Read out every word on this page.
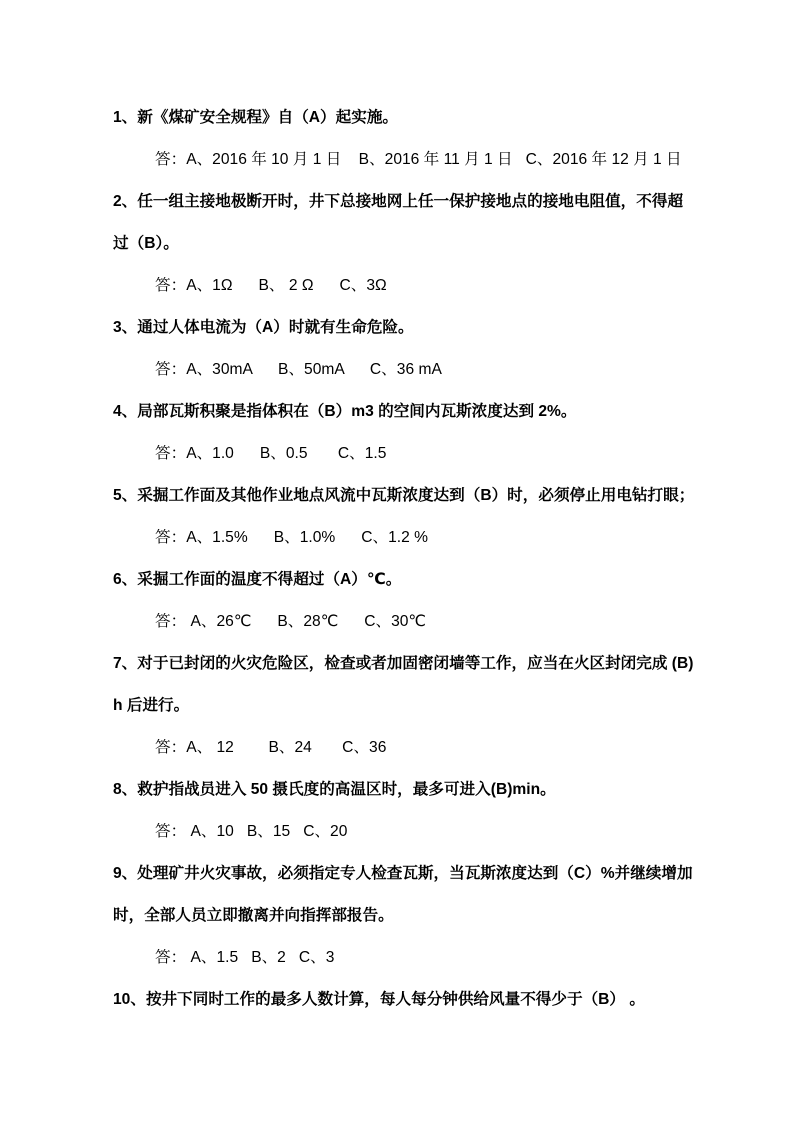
1、新《煤矿安全规程》自（A）起实施。
答：A、2016 年 10 月 1 日    B、2016 年 11 月 1 日   C、2016 年 12 月 1 日
2、任一组主接地极断开时，井下总接地网上任一保护接地点的接地电阻值，不得超
过（B）。
答：A、1Ω      B、 2 Ω      C、3Ω
3、通过人体电流为（A）时就有生命危险。
答：A、30mA      B、50mA      C、36 mA
4、局部瓦斯积聚是指体积在（B）m3 的空间内瓦斯浓度达到 2%。
答：A、1.0      B、0.5       C、1.5
5、采掘工作面及其他作业地点风流中瓦斯浓度达到（B）时，必须停止用电钻打眼；
答：A、1.5%      B、1.0%      C、1.2 %
6、采掘工作面的温度不得超过（A）℃。
答： A、26℃      B、28℃      C、30℃
7、对于已封闭的火灾危险区，检查或者加固密闭墙等工作，应当在火区封闭完成 (B)
h 后进行。
答：A、 12        B、24       C、36
8、救护指战员进入 50 摄氏度的高温区时，最多可进入(B)min。
答： A、10   B、15   C、20
9、处理矿井火灾事故，必须指定专人检查瓦斯，当瓦斯浓度达到（C）%并继续增加
时，全部人员立即撤离并向指挥部报告。
答： A、1.5   B、2   C、3
10、按井下同时工作的最多人数计算，每人每分钟供给风量不得少于（B） 。
